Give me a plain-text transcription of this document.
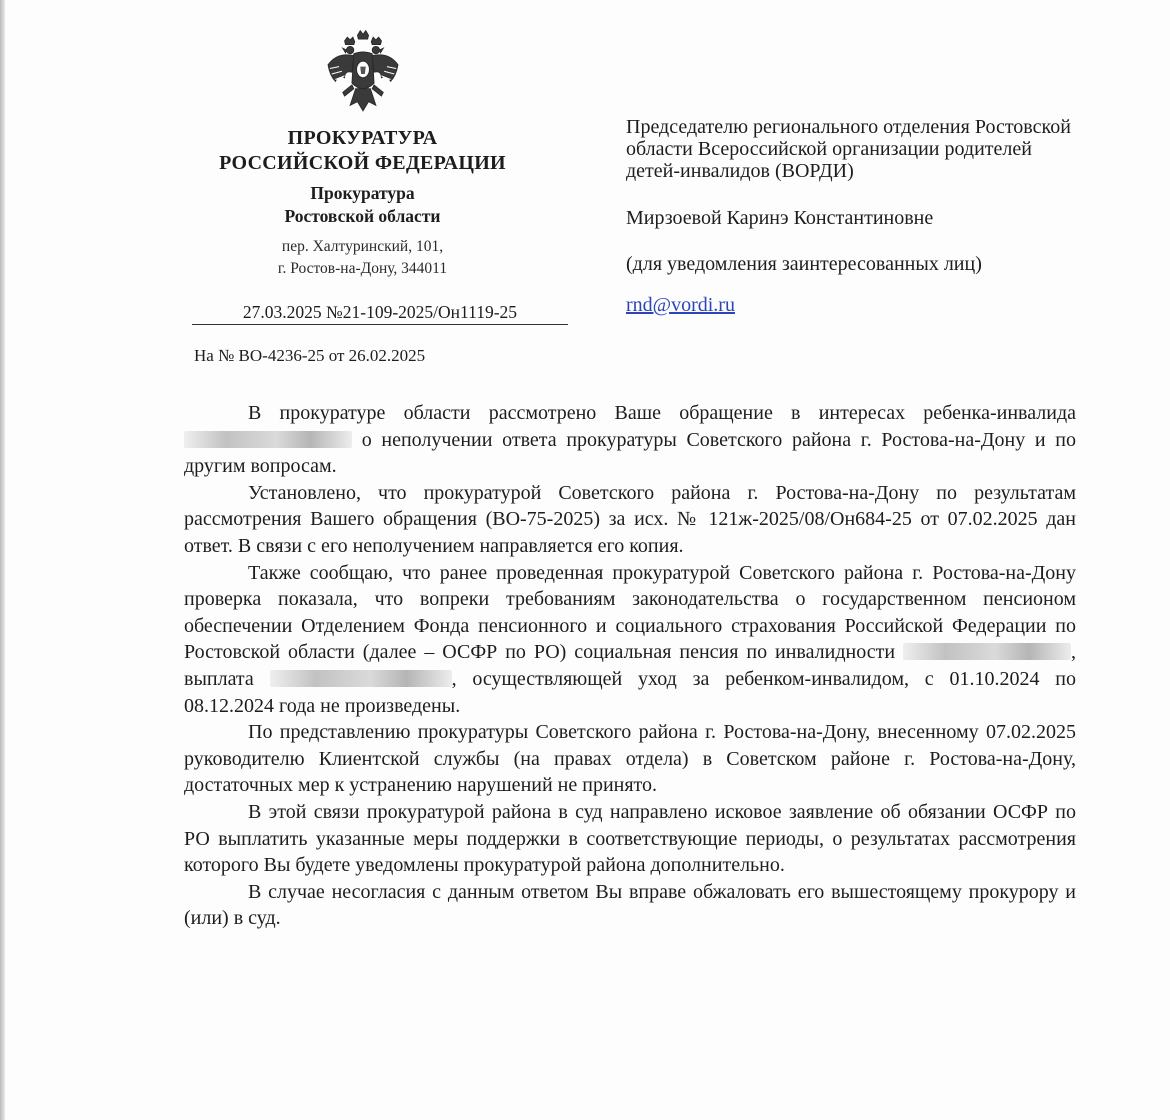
ПРОКУРАТУРА
РОССИЙСКОЙ ФЕДЕРАЦИИ
Прокуратура
Ростовской области
пер. Халтуринский, 101,
г. Ростов-на-Дону, 344011
27.03.2025 №21-109-2025/Он1119-25
На № ВО-4236-25 от 26.02.2025
Председателю регионального отделения Ростовской области Всероссийской организации родителей детей-инвалидов (ВОРДИ)
Мирзоевой Каринэ Константиновне
(для уведомления заинтересованных лиц)
rnd@vordi.ru

В прокуратуре области рассмотрено Ваше обращение в интересах ребенка-инвалида  о неполучении ответа прокуратуры Советского района г. Ростова-на-Дону и по другим вопросам.

Установлено, что прокуратурой Советского района г. Ростова-на-Дону по результатам рассмотрения Вашего обращения (ВО-75-2025) за исх. № 121ж-2025/08/Он684-25 от 07.02.2025 дан ответ. В связи с его неполучением направляется его копия.

Также сообщаю, что ранее проведенная прокуратурой Советского района г. Ростова-на-Дону проверка показала, что вопреки требованиям законодательства о государственном пенсионом обеспечении Отделением Фонда пенсионного и социального страхования Российской Федерации по Ростовской области (далее – ОСФР по РО) социальная пенсия по инвалидности	, выплата	, осуществляющей уход за ребенком-инвалидом, с 01.10.2024 по 08.12.2024 года не произведены.

По представлению прокуратуры Советского района г. Ростова-на-Дону, внесенному 07.02.2025 руководителю Клиентской службы (на правах отдела) в Советском районе г. Ростова-на-Дону, достаточных мер к устранению нарушений не принято.

В этой связи прокуратурой района в суд направлено исковое заявление об обязании ОСФР по РО выплатить указанные меры поддержки в соответствующие периоды, о результатах рассмотрения которого Вы будете уведомлены прокуратурой района дополнительно.

В случае несогласия с данным ответом Вы вправе обжаловать его вышестоящему прокурору и (или) в суд.
